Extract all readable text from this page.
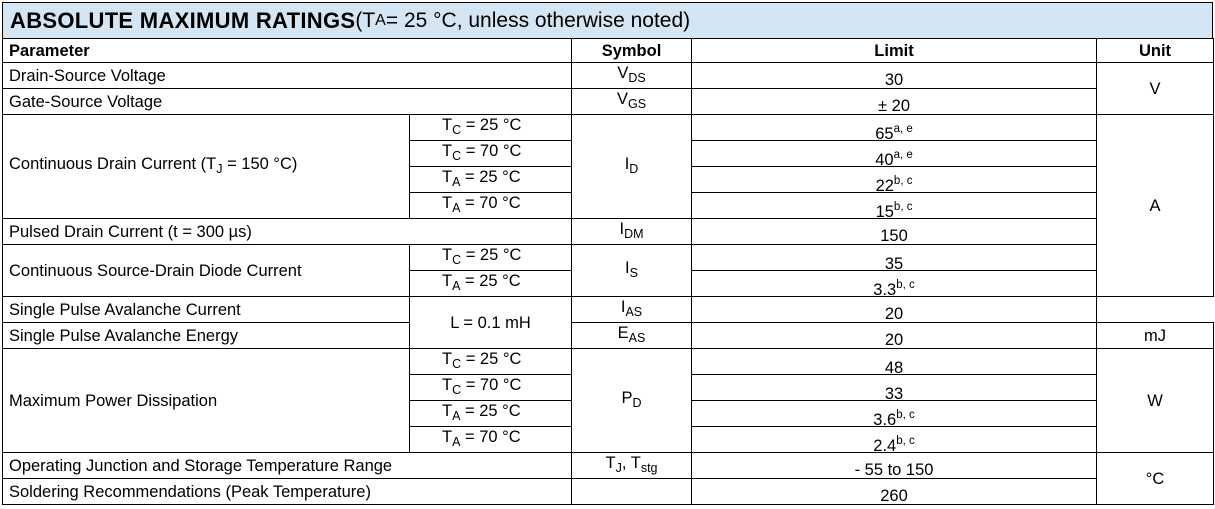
ABSOLUTE MAXIMUM RATINGS (T A = 25 °C, unless otherwise noted)
Parameter		Symbol	Limit	Unit
Drain-Source Voltage		$V_{DS}$	30	V
Gate-Source Voltage		$V_{GS}$	± 20	
Continuous Drain Current ($T_J = 150$ °C)	$T_C = 25$ °C	$I_D$	65$^{a, e}$	A
	$T_C = 70$ °C		40$^{a, e}$
	$T_A = 25$ °C		22$^{b, c}$
	$T_A = 70$ °C		15$^{b, c}$
Pulsed Drain Current (t = 300 µs)		$I_{DM}$	150	
Continuous Source-Drain Diode Current	$T_C = 25$ °C	$I_S$	35	
	$T_A = 25$ °C		3.3$^{b, c}$
Single Pulse Avalanche Current	L = 0.1 mH	$I_{AS}$	20	
Single Pulse Avalanche Energy		$E_{AS}$	20	mJ
Maximum Power Dissipation	$T_C = 25$ °C	$P_D$	48	W
	$T_C = 70$ °C		33	
	$T_A = 25$ °C		3.6$^{b, c}$
	$T_A = 70$ °C		2.4$^{b, c}$
Operating Junction and Storage Temperature Range		$T_J$, $T_{stg}$	- 55 to 150	°C
Soldering Recommendations (Peak Temperature)			260	
